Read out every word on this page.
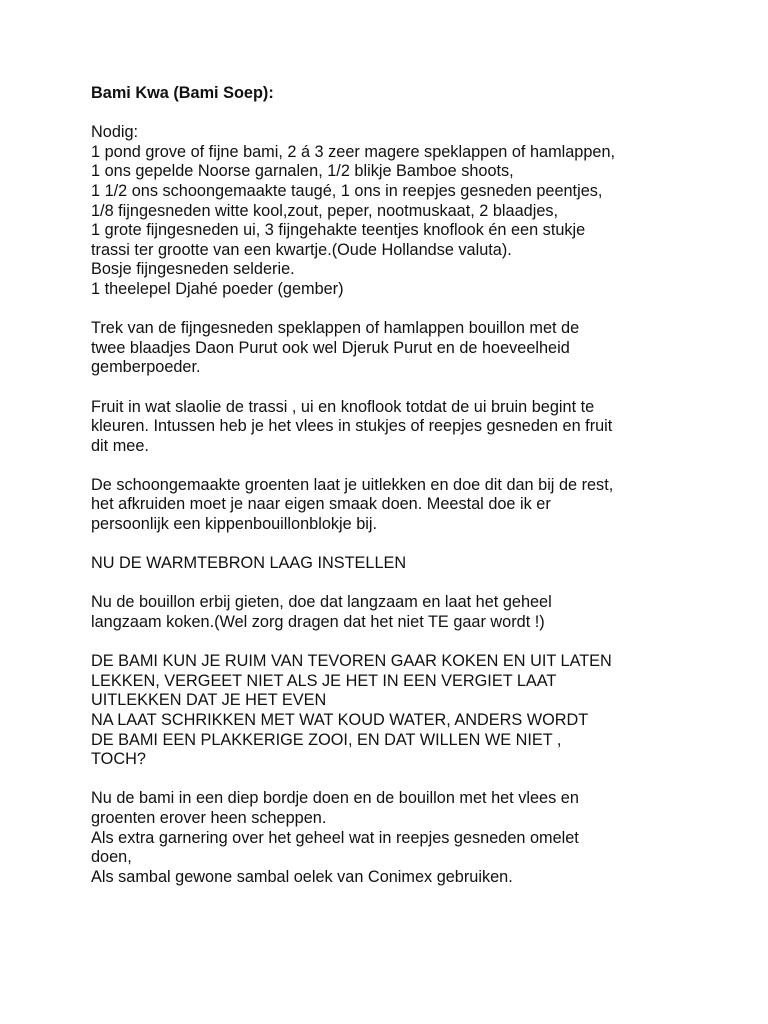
Bami Kwa (Bami Soep):
Nodig:
1 pond grove of fijne bami, 2 á 3 zeer magere speklappen of hamlappen,
1 ons gepelde Noorse garnalen, 1/2 blikje Bamboe shoots,
1 1/2 ons schoongemaakte taugé, 1 ons in reepjes gesneden peentjes,
1/8 fijngesneden witte kool,zout, peper, nootmuskaat, 2 blaadjes,
1 grote fijngesneden ui, 3 fijngehakte teentjes knoflook én een stukje
trassi ter grootte van een kwartje.(Oude Hollandse valuta).
Bosje fijngesneden selderie.
1 theelepel Djahé poeder (gember)
Trek van de fijngesneden speklappen of hamlappen bouillon met de
twee blaadjes Daon Purut ook wel Djeruk Purut en de hoeveelheid
gemberpoeder.
Fruit in wat slaolie de trassi , ui en knoflook totdat de ui bruin begint te
kleuren. Intussen heb je het vlees in stukjes of reepjes gesneden en fruit
dit mee.
De schoongemaakte groenten laat je uitlekken en doe dit dan bij de rest,
het afkruiden moet je naar eigen smaak doen. Meestal doe ik er
persoonlijk een kippenbouillonblokje bij.
NU DE WARMTEBRON LAAG INSTELLEN
Nu de bouillon erbij gieten, doe dat langzaam en laat het geheel
langzaam koken.(Wel zorg dragen dat het niet TE gaar wordt !)
DE BAMI KUN JE RUIM VAN TEVOREN GAAR KOKEN EN UIT LATEN
LEKKEN, VERGEET NIET ALS JE HET IN EEN VERGIET LAAT
UITLEKKEN DAT JE HET EVEN
NA LAAT SCHRIKKEN MET WAT KOUD WATER, ANDERS WORDT
DE BAMI EEN PLAKKERIGE ZOOI, EN DAT WILLEN WE NIET ,
TOCH?
Nu de bami in een diep bordje doen en de bouillon met het vlees en
groenten erover heen scheppen.
Als extra garnering over het geheel wat in reepjes gesneden omelet
doen,
Als sambal gewone sambal oelek van Conimex gebruiken.
